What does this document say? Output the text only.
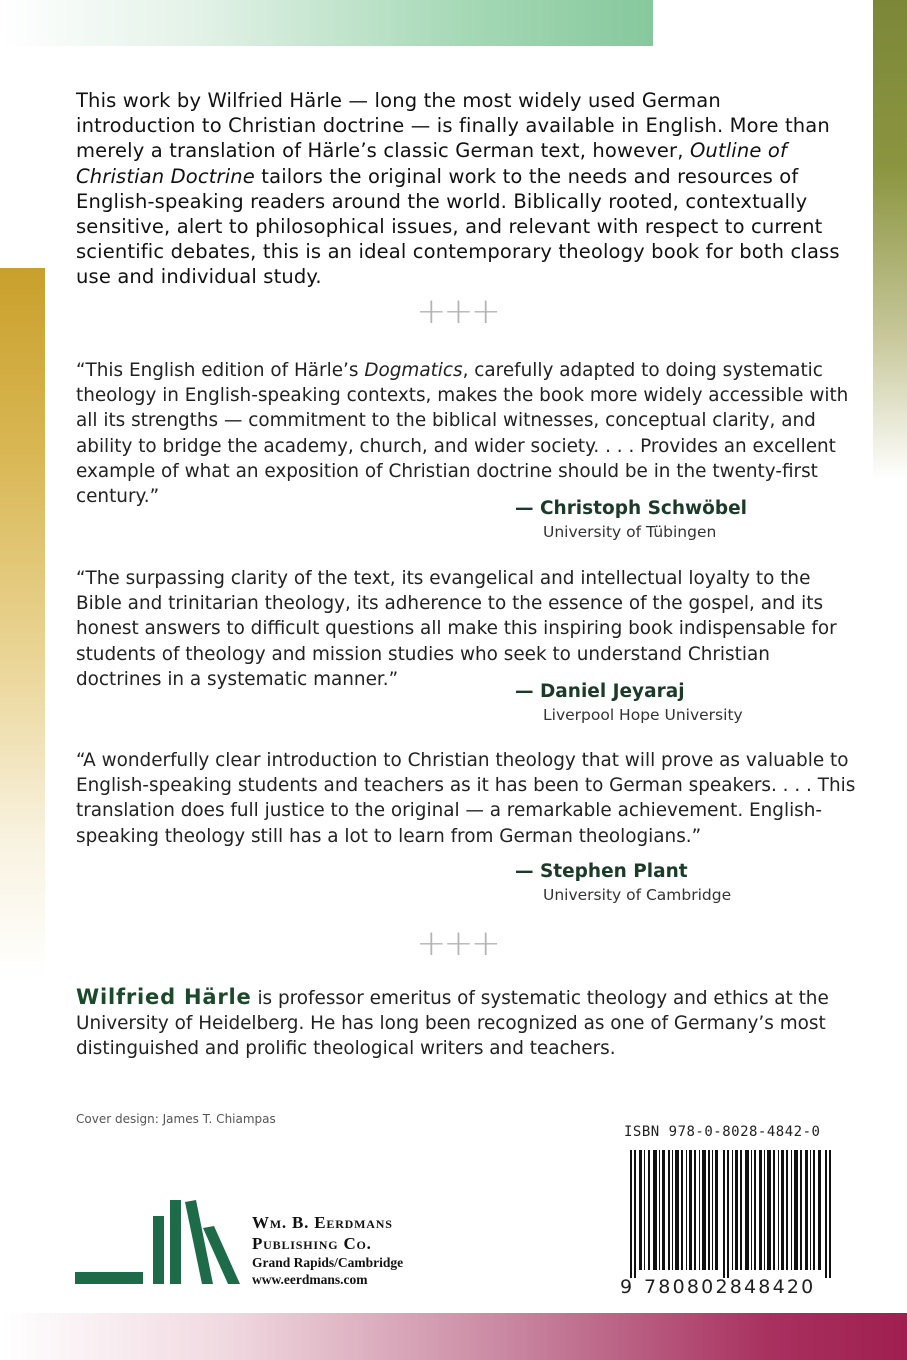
This work by Wilfried Härle — long the most widely used German introduction to Christian doctrine — is finally available in English. More than merely a translation of Härle’s classic German text, however, Outline of Christian Doctrine tailors the original work to the needs and resources of English-speaking readers around the world. Biblically rooted, contextually sensitive, alert to philosophical issues, and relevant with respect to current scientific debates, this is an ideal contemporary theology book for both class use and individual study.
+++
“This English edition of Härle’s Dogmatics, carefully adapted to doing systematic theology in English-speaking contexts, makes the book more widely accessible with all its strengths — commitment to the biblical witnesses, conceptual clarity, and ability to bridge the academy, church, and wider society. . . . Provides an excellent example of what an exposition of Christian doctrine should be in the twenty-first century.”
— Christoph Schwöbel
University of Tübingen
“The surpassing clarity of the text, its evangelical and intellectual loyalty to the Bible and trinitarian theology, its adherence to the essence of the gospel, and its honest answers to difficult questions all make this inspiring book indispensable for students of theology and mission studies who seek to understand Christian doctrines in a systematic manner.”
— Daniel Jeyaraj
Liverpool Hope University
“A wonderfully clear introduction to Christian theology that will prove as valuable to English-speaking students and teachers as it has been to German speakers. . . . This translation does full justice to the original — a remarkable achievement. English-speaking theology still has a lot to learn from German theologians.”
— Stephen Plant
University of Cambridge
+++
Wilfried Härle is professor emeritus of systematic theology and ethics at the University of Heidelberg. He has long been recognized as one of Germany’s most distinguished and prolific theological writers and teachers.
Cover design: James T. Chiampas
ISBN 978-0-8028-4842-0
9 780802848420
Wm. B. Eerdmans
Publishing Co.
Grand Rapids/Cambridge
www.eerdmans.com
